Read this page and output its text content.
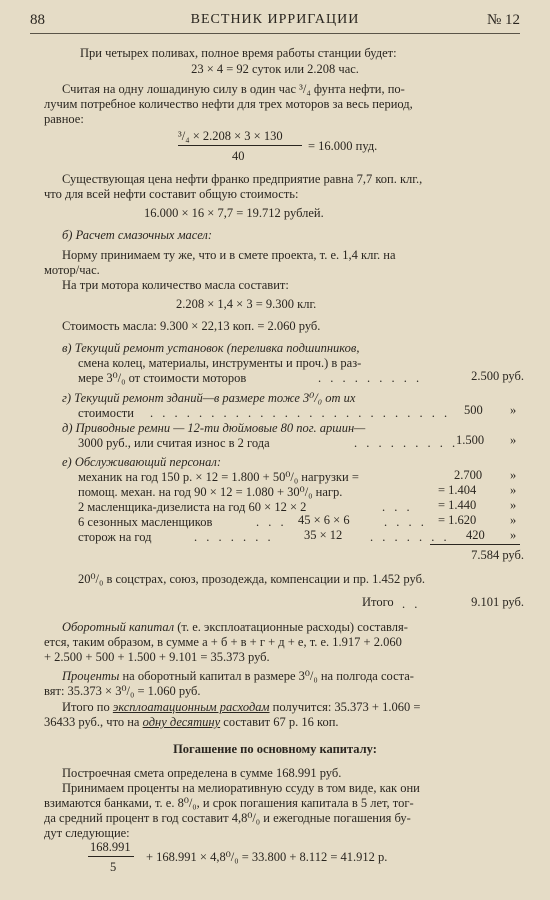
88	ВЕСТНИК ИРРИГАЦИИ	№ 12
При четырех поливах, полное время работы станции будет:
23 × 4 = 92 суток или 2.208 час.
Считая на одну лошадиную силу в один час ³/₄ фунта нефти, по-
лучим потребное количество нефти для трех моторов за весь период,
равное:
³/₄ × 2.208 × 3 × 130
= 16.000 пуд.
40
Существующая цена нефти франко предприятие равна 7,7 коп. клг.,
что для всей нефти составит общую стоимость:
16.000 × 16 × 7,7 = 19.712 рублей.
б) Расчет смазочных масел:
Норму принимаем ту же, что и в смете проекта, т. е. 1,4 клг. на
мотор/час.
На три мотора количество масла составит:
2.208 × 1,4 × 3 = 9.300 клг.
Стоимость масла: 9.300 × 22,13 коп. = 2.060 руб.
в) Текущий ремонт установок (переливка подшипников,
смена колец, материалы, инструменты и проч.) в раз-
мере 3⁰/₀ от стоимости моторов	. . . . . . . . .	2.500 руб.
г) Текущий ремонт зданий—в размере тоже 3⁰/₀ от их
стоимости . . . . . . . . . . . . . . . . . . . . . . . . . 500 »
д) Приводные ремни — 12-ти дюймовые 80 пог. аршин—
3000 руб., или считая износ в 2 года	. . . . . . . . .
1.500 »
е) Обслуживающий персонал:
механик на год 150 р. × 12 = 1.800 + 50⁰/₀ нагрузки =	2.700 »
помощ. механ. на год 90 × 12 = 1.080 + 30⁰/₀ нагр.	= 1.404	»
2 масленщика-дизелиста на год 60 × 12 × 2	. . . = 1.440	»
6 сезонных масленщиков	. . . 45 × 6 × 6	. . . . = 1.620	»
сторож на год	. . . . . . . 35 × 12 . . . . . . . 420 »
7.584 руб.
20⁰/₀ в соцстрах, союз, прозодежда, компенсации и пр. 1.452 руб.
Итого . .	9.101 руб.
Оборотный капитал (т. е. эксплоатационные расходы) составля-
ется, таким образом, в сумме а + б + в + г + д + е, т. е. 1.917 + 2.060
+ 2.500 + 500 + 1.500 + 9.101 = 35.373 руб.
Проценты на оборотный капитал в размере 3⁰/₀ на полгода соста-
вят: 35.373 × 3⁰/₀ = 1.060 руб.
Итого по эксплоатационным расходам получится: 35.373 + 1.060 =
36433 руб., что на одну десятину составит 67 р. 16 коп.
Погашение по основному капиталу:
Построечная смета определена в сумме 168.991 руб.
Принимаем проценты на мелиоративную ссуду в том виде, как они
взимаются банками, т. е. 8⁰/₀, и срок погашения капитала в 5 лет, тог-
да средний процент в год составит 4,8⁰/₀ и ежегодные погашения бу-
дут следующие:
168.991
5
+ 168.991 × 4,8⁰/₀ = 33.800 + 8.112 = 41.912 р.
